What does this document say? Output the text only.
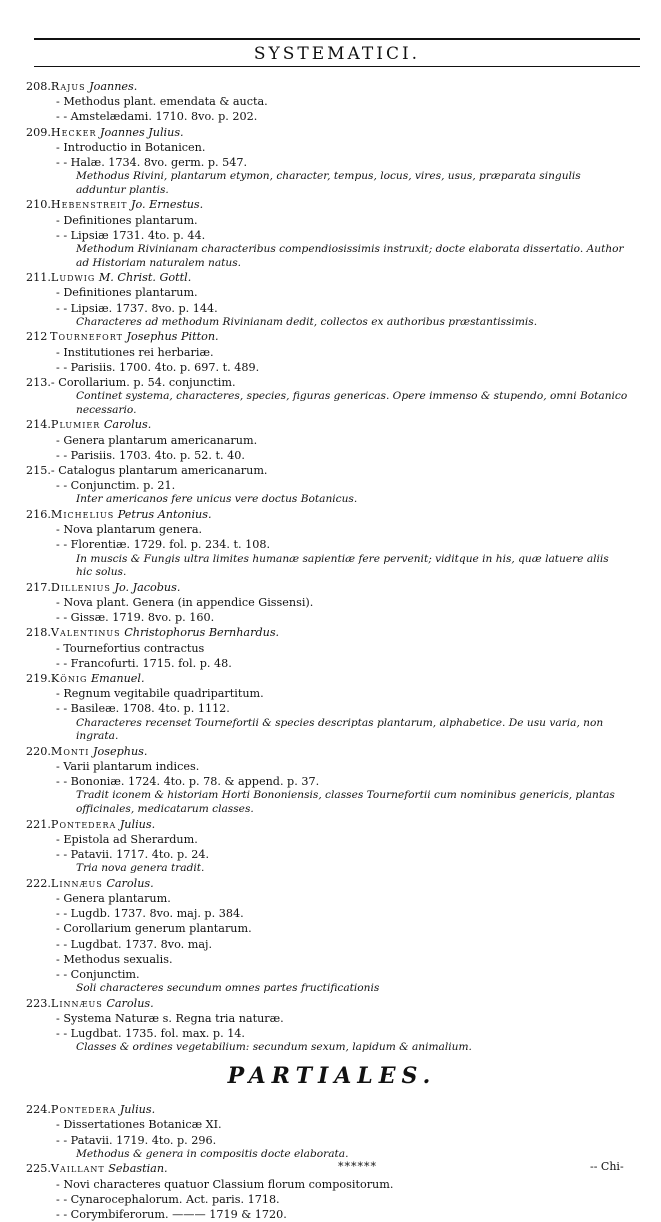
SYSTEMATICI.
208.Rajus Joannes.
- Methodus plant. emendata & aucta.
- - Amstelædami. 1710. 8vo. p. 202.
209.Hecker Joannes Julius.
- Introductio in Botanicen.
- - Halæ. 1734. 8vo. germ. p. 547.
Methodus Rivini, plantarum etymon, character, tempus, locus, vires, usus, præparata singulis adduntur plantis.
210.Hebenstreit Jo. Ernestus.
- Definitiones plantarum.
- - Lipsiæ 1731. 4to. p. 44.
Methodum Rivinianam characteribus compendiosissimis instruxit; docte elaborata dissertatio. Author ad Historiam naturalem natus.
211.Ludwig M. Christ. Gottl.
- Definitiones plantarum.
- - Lipsiæ. 1737. 8vo. p. 144.
Characteres ad methodum Rivinianam dedit, collectos ex authoribus præstantissimis.
212 Tournefort Josephus Pitton.
- Institutiones rei herbariæ.
- - Parisiis. 1700. 4to. p. 697. t. 489.
213.- Corollarium. p. 54. conjunctim.
Continet systema, characteres, species, figuras genericas. Opere immenso & stupendo, omni Botanico necessario.
214.Plumier Carolus.
- Genera plantarum americanarum.
- - Parisiis. 1703. 4to. p. 52. t. 40.
215.- Catalogus plantarum americanarum.
- - Conjunctim. p. 21.
Inter americanos fere unicus vere doctus Botanicus.
216.Michelius Petrus Antonius.
- Nova plantarum genera.
- - Florentiæ. 1729. fol. p. 234. t. 108.
In muscis & Fungis ultra limites humanæ sapientiæ fere pervenit; viditque in his, quæ latuere aliis hic solus.
217.Dillenius Jo. Jacobus.
- Nova plant. Genera (in appendice Gissensi).
- - Gissæ. 1719. 8vo. p. 160.
218.Valentinus Christophorus Bernhardus.
- Tournefortius contractus
- - Francofurti. 1715. fol. p. 48.
219.König Emanuel.
- Regnum vegitabile quadripartitum.
- - Basileæ. 1708. 4to. p. 1112.
Characteres recenset Tournefortii & species descriptas plantarum, alphabetice. De usu varia, non ingrata.
220.Monti Josephus.
- Varii plantarum indices.
- - Bononiæ. 1724. 4to. p. 78. & append. p. 37.
Tradit iconem & historiam Horti Bononiensis, classes Tournefortii cum nominibus genericis, plantas officinales, medicatarum classes.
221.Pontedera Julius.
- Epistola ad Sherardum.
- - Patavii. 1717. 4to. p. 24.
Tria nova genera tradit.
222.Linnæus Carolus.
- Genera plantarum.
- - Lugdb. 1737. 8vo. maj. p. 384.
- Corollarium generum plantarum.
- - Lugdbat. 1737. 8vo. maj.
- Methodus sexualis.
- - Conjunctim.
Soli characteres secundum omnes partes fructificationis
223.Linnæus Carolus.
- Systema Naturæ s. Regna tria naturæ.
- - Lugdbat. 1735. fol. max. p. 14.
Classes & ordines vegetabilium: secundum sexum, lapidum & animalium.
PARTIALES.
224.Pontedera Julius.
- Dissertationes Botanicæ XI.
- - Patavii. 1719. 4to. p. 296.
Methodus & genera in compositis docte elaborata.
225.Vaillant Sebastian.
- Novi characteres quatuor Classium florum compositorum.
- - Cynarocephalorum. Act. paris. 1718.
- - Corymbiferorum. ——— 1719 & 1720.
******	-- Chi-
